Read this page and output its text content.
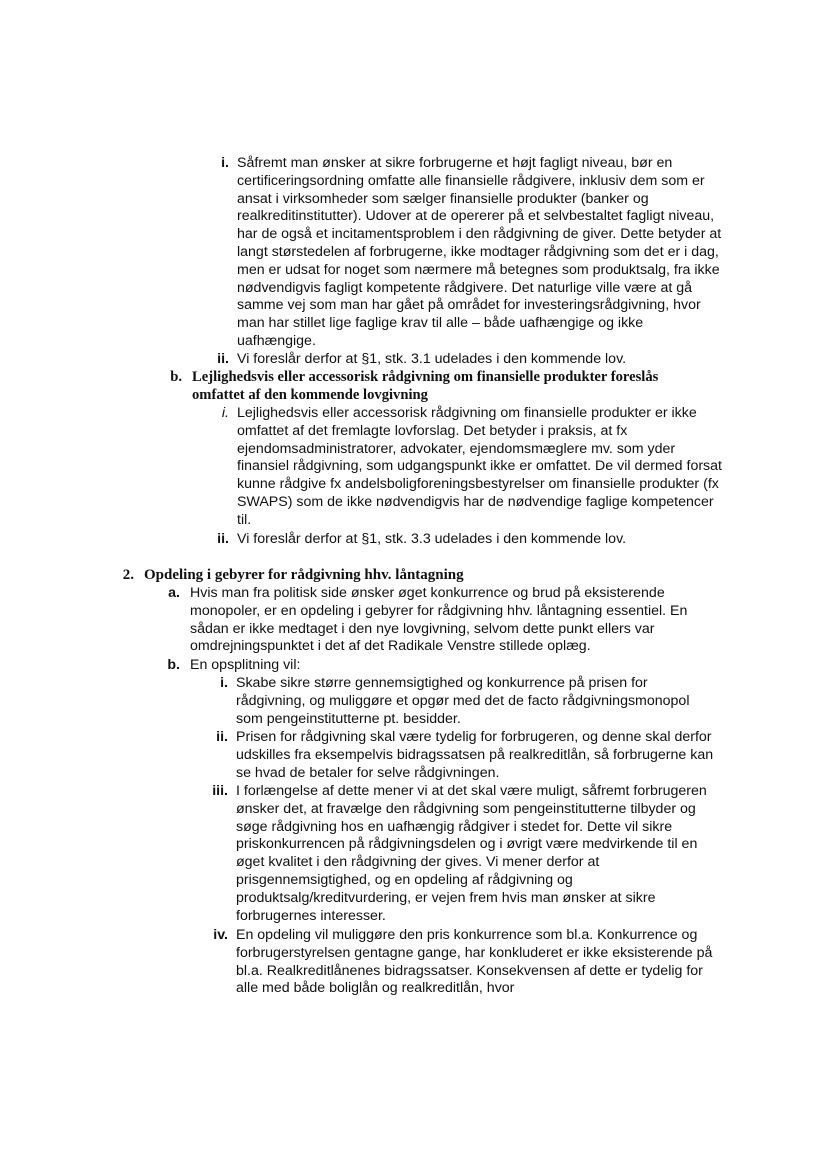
i. Såfremt man ønsker at sikre forbrugerne et højt fagligt niveau, bør en certificeringsordning omfatte alle finansielle rådgivere, inklusiv dem som er ansat i virksomheder som sælger finansielle produkter (banker og realkreditinstitutter). Udover at de opererer på et selvbestaltet fagligt niveau, har de også et incitamentsproblem i den rådgivning de giver. Dette betyder at langt størstedelen af forbrugerne, ikke modtager rådgivning som det er i dag, men er udsat for noget som nærmere må betegnes som produktsalg, fra ikke nødvendigvis fagligt kompetente rådgivere. Det naturlige ville være at gå samme vej som man har gået på området for investeringsrådgivning, hvor man har stillet lige faglige krav til alle – både uafhængige og ikke uafhængige.
ii. Vi foreslår derfor at §1, stk. 3.1 udelades i den kommende lov.
b. Lejlighedsvis eller accessorisk rådgivning om finansielle produkter foreslås omfattet af den kommende lovgivning
i. Lejlighedsvis eller accessorisk rådgivning om finansielle produkter er ikke omfattet af det fremlagte lovforslag. Det betyder i praksis, at fx ejendomsadministratorer, advokater, ejendomsmæglere mv. som yder finansiel rådgivning, som udgangspunkt ikke er omfattet. De vil dermed forsat kunne rådgive fx andelsboligforeningsbestyrelser om finansielle produkter (fx SWAPS) som de ikke nødvendigvis har de nødvendige faglige kompetencer til.
ii. Vi foreslår derfor at §1, stk. 3.3 udelades i den kommende lov.
2. Opdeling i gebyrer for rådgivning hhv. låntagning
a. Hvis man fra politisk side ønsker øget konkurrence og brud på eksisterende monopoler, er en opdeling i gebyrer for rådgivning hhv. låntagning essentiel. En sådan er ikke medtaget i den nye lovgivning, selvom dette punkt ellers var omdrejningspunktet i det af det Radikale Venstre stillede oplæg.
b. En opsplitning vil:
i. Skabe sikre større gennemsigtighed og konkurrence på prisen for rådgivning, og muliggøre et opgør med det de facto rådgivningsmonopol som pengeinstitutterne pt. besidder.
ii. Prisen for rådgivning skal være tydelig for forbrugeren, og denne skal derfor udskilles fra eksempelvis bidragssatsen på realkreditlån, så forbrugerne kan se hvad de betaler for selve rådgivningen.
iii. I forlængelse af dette mener vi at det skal være muligt, såfremt forbrugeren ønsker det, at fravælge den rådgivning som pengeinstitutterne tilbyder og søge rådgivning hos en uafhængig rådgiver i stedet for. Dette vil sikre priskonkurrencen på rådgivningsdelen og i øvrigt være medvirkende til en øget kvalitet i den rådgivning der gives. Vi mener derfor at prisgennemsigtighed, og en opdeling af rådgivning og produktsalg/kreditvurdering, er vejen frem hvis man ønsker at sikre forbrugernes interesser.
iv. En opdeling vil muliggøre den pris konkurrence som bl.a. Konkurrence og forbrugerstyrelsen gentagne gange, har konkluderet er ikke eksisterende på bl.a. Realkreditlånenes bidragssatser. Konsekvensen af dette er tydelig for alle med både boliglån og realkreditlån, hvor
